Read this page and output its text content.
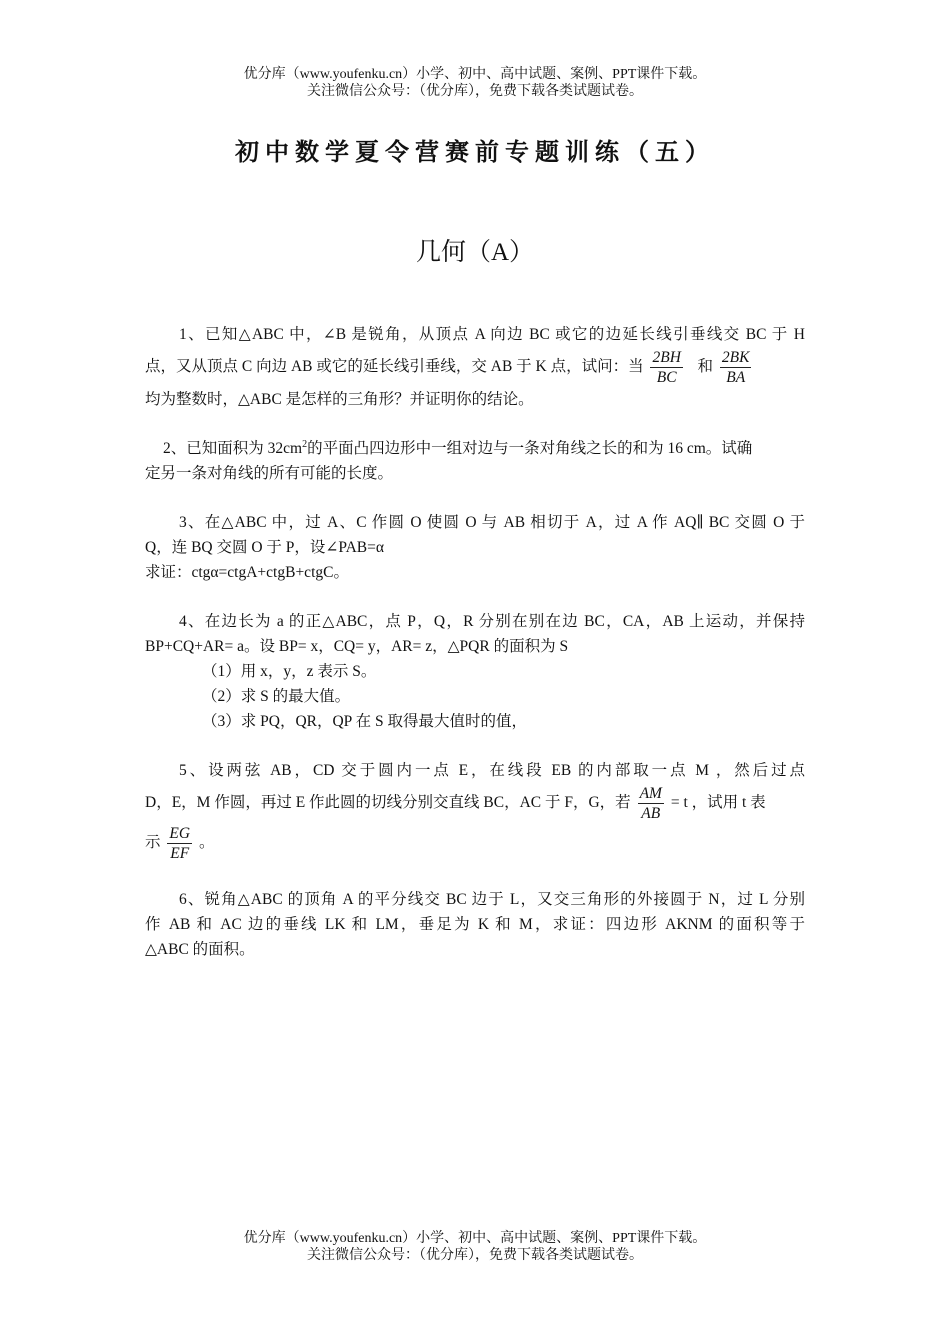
优分库（www.youfenku.cn）小学、初中、高中试题、案例、PPT课件下载。
关注微信公众号：（优分库），免费下载各类试题试卷。
初中数学夏令营赛前专题训练（五）
几何（A）
1、已知△ABC 中，∠B 是锐角，从顶点 A 向边 BC 或它的边延长线引垂线交 BC 于 H
点，又从顶点 C 向边 AB 或它的延长线引垂线，交 AB 于 K 点，试问：当 $\frac{2BH}{BC}$ 和 $\frac{2BK}{BA}$
均为整数时，△ABC 是怎样的三角形？并证明你的结论。
2、已知面积为 $32cm^2$的平面凸四边形中一组对边与一条对角线之长的和为 16 cm。试确
定另一条对角线的所有可能的长度。
3、在△ABC 中，过 A、C 作圆 O 使圆 O 与 AB 相切于 A，过 A 作 AQ∥ BC 交圆 O 于
Q，连 BQ 交圆 O 于 P，设∠PAB=α
求证：ctgα=ctgA+ctgB+ctgC。
4、在边长为 a 的正△ABC，点 P，Q，R 分别在别在边 BC，CA，AB 上运动，并保持
BP+CQ+AR= a。设 BP= x，CQ= y，AR= z，△PQR 的面积为 S
（1）用 x，y，z 表示 S。
（2）求 S 的最大值。
（3）求 PQ，QR，QP 在 S 取得最大值时的值，
5、设两弦 AB，CD 交于圆内一点 E，在线段 EB 的内部取一点 M ，然后过点
D，E，M 作圆，再过 E 作此圆的切线分别交直线 BC，AC 于 F，G，若 $\frac{AM}{AB} = t$ ，试用 t 表
示 $\frac{EG}{EF}$ 。
6、锐角△ABC 的顶角 A 的平分线交 BC 边于 L，又交三角形的外接圆于 N，过 L 分别
作 AB 和 AC 边的垂线 LK 和 LM，垂足为 K 和 M，求证：四边形 AKNM 的面积等于
△ABC 的面积。
优分库（www.youfenku.cn）小学、初中、高中试题、案例、PPT课件下载。
关注微信公众号：（优分库），免费下载各类试题试卷。
